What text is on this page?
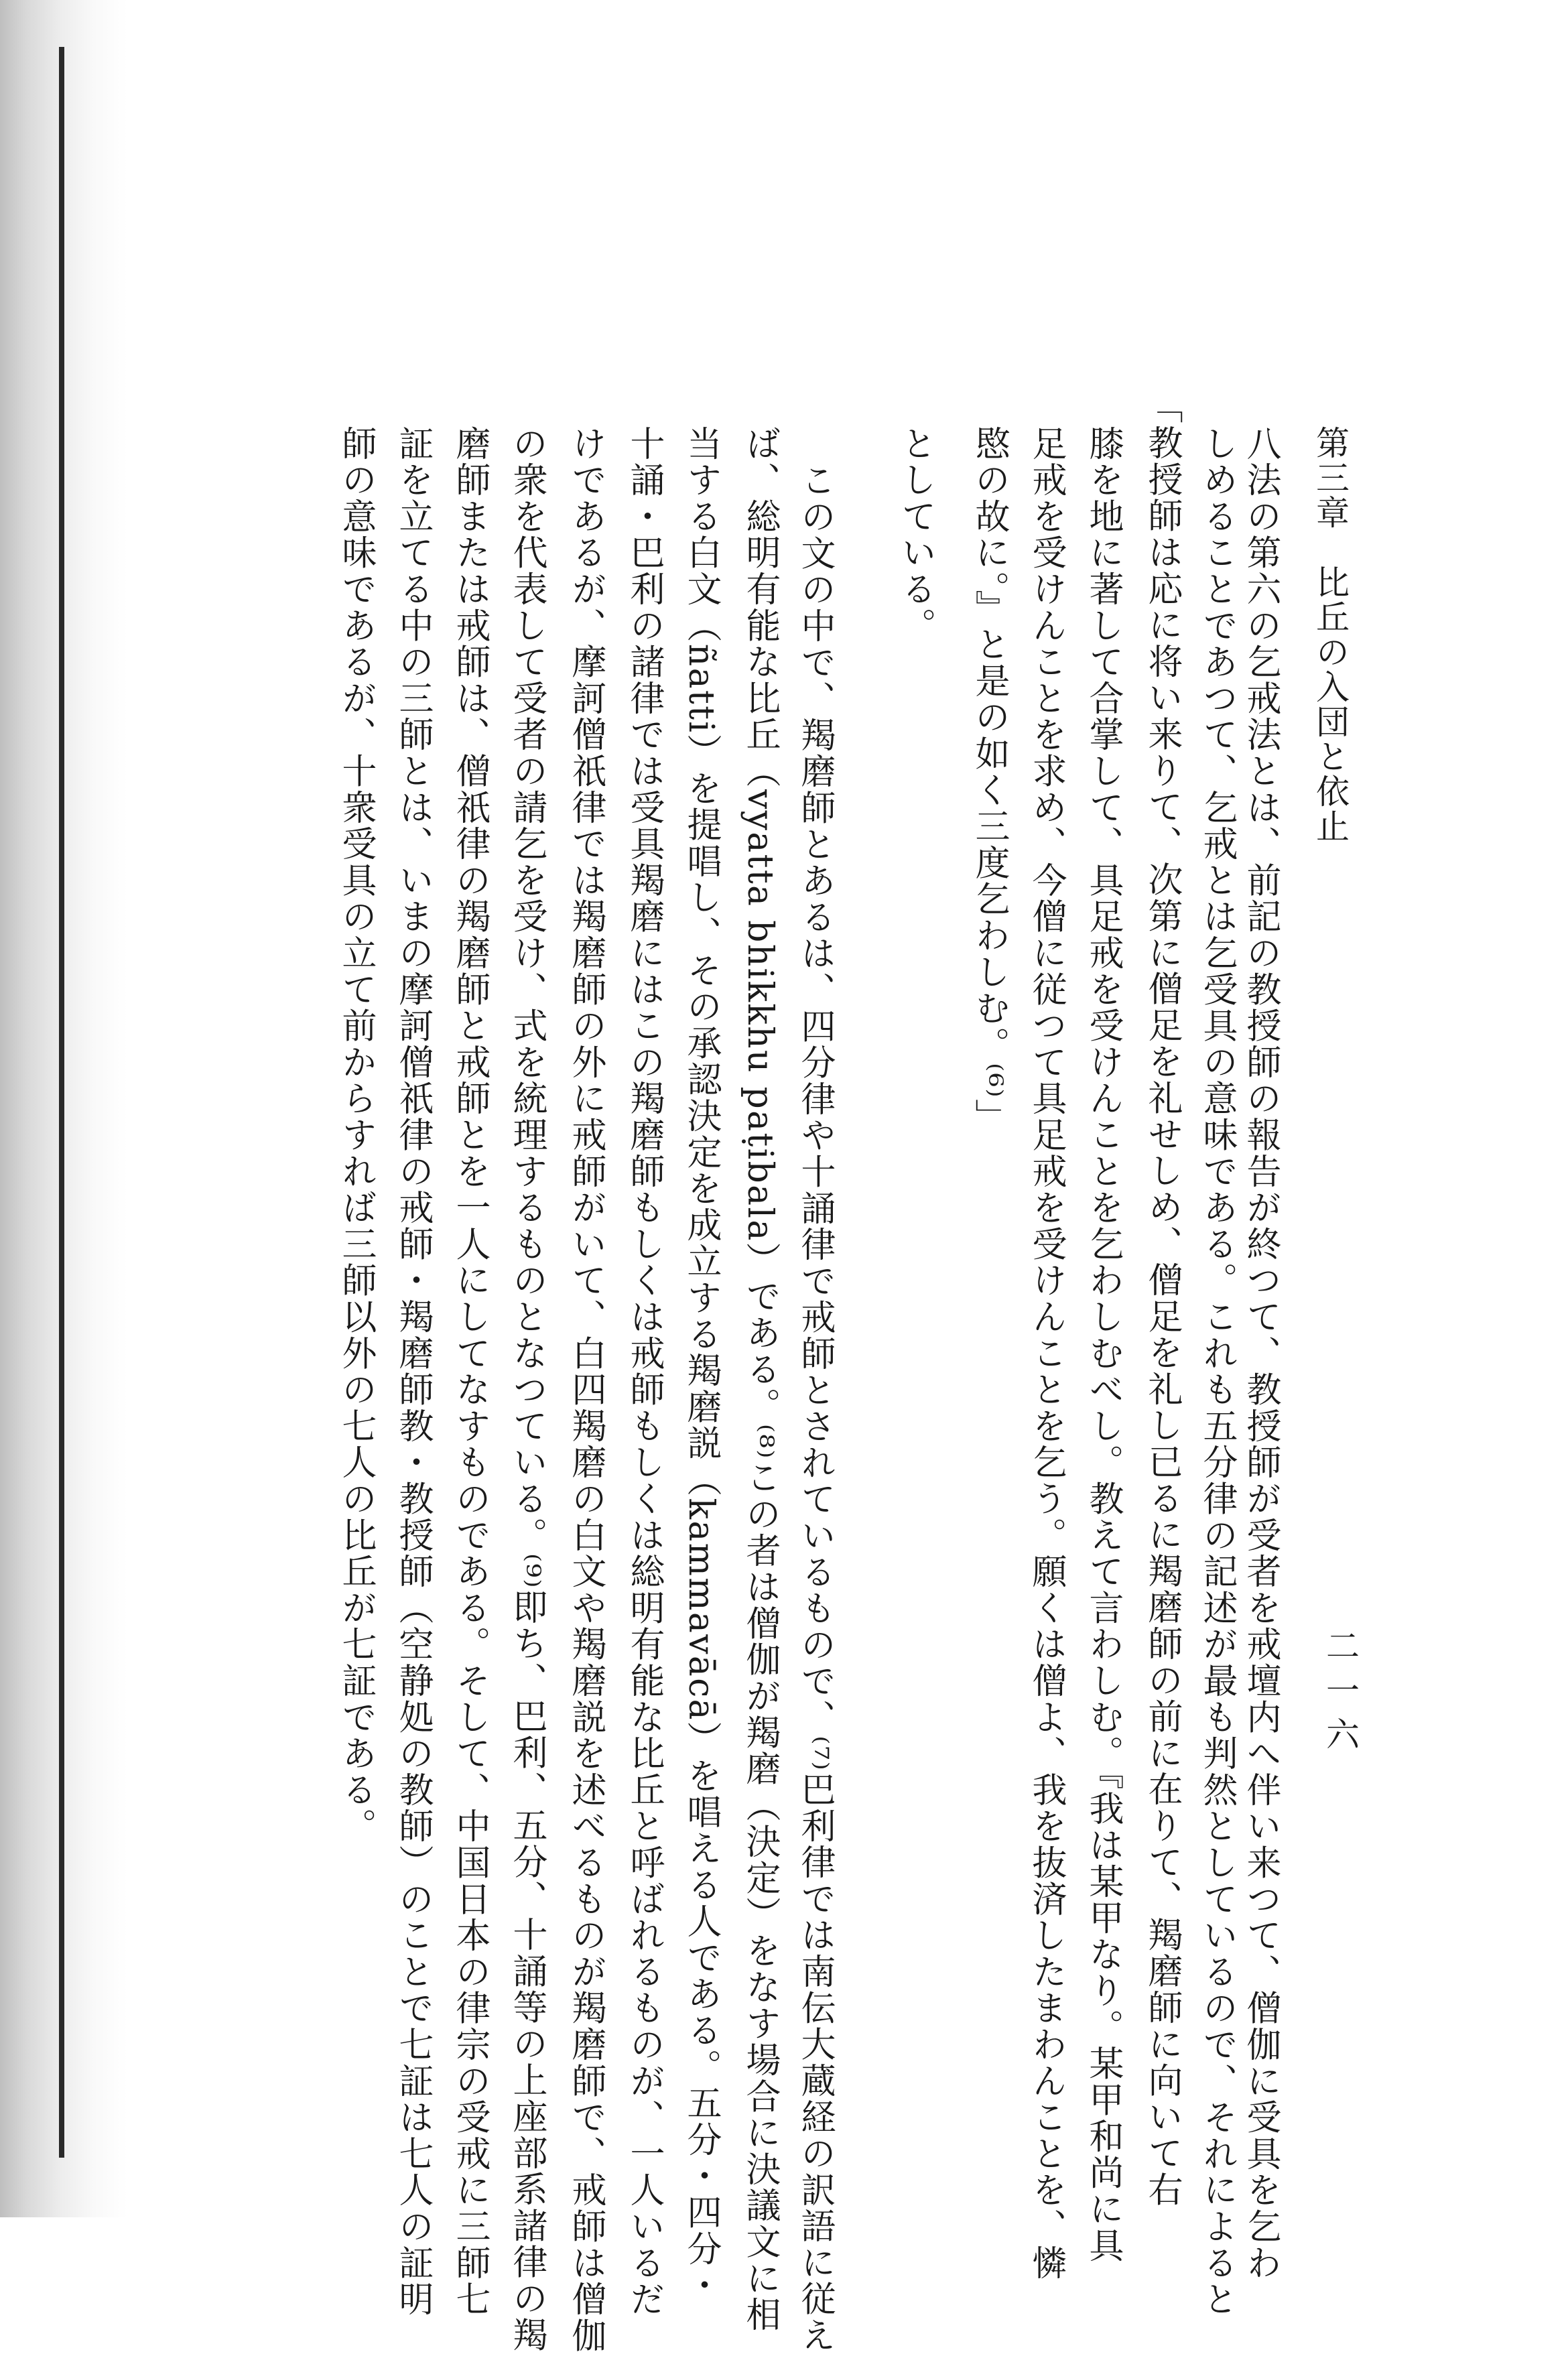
第三章　比丘の入団と依止
二一六
八法の第六の乞戒法とは、前記の教授師の報告が終つて、教授師が受者を戒壇内へ伴い来つて、僧伽に受具を乞わ
しめることであつて、乞戒とは乞受具の意味である。これも五分律の記述が最も判然としているので、それによると
「教授師は応に将い来りて、次第に僧足を礼せしめ、僧足を礼し已るに羯磨師の前に在りて、羯磨師に向いて右
膝を地に著して合掌して、具足戒を受けんことを乞わしむべし。教えて言わしむ。『我は某甲なり。某甲和尚に具
足戒を受けんことを求め、今僧に従つて具足戒を受けんことを乞う。願くは僧よ、我を抜済したまわんことを、憐
愍の故に。』と是の如く三度乞わしむ。⁽⁶⁾」
としている。
この文の中で、羯磨師とあるは、四分律や十誦律で戒師とされているもので、⁽⁷⁾巴利律では南伝大蔵経の訳語に従え
ば、総明有能な比丘（vyatta bhikkhu paṭibala）である。⁽⁸⁾この者は僧伽が羯磨（決定）をなす場合に決議文に相
当する白文（ñatti）を提唱し、その承認決定を成立する羯磨説（kammavācā）を唱える人である。五分・四分・
十誦・巴利の諸律では受具羯磨にはこの羯磨師もしくは戒師もしくは総明有能な比丘と呼ばれるものが、一人いるだ
けであるが、摩訶僧祇律では羯磨師の外に戒師がいて、白四羯磨の白文や羯磨説を述べるものが羯磨師で、戒師は僧伽
の衆を代表して受者の請乞を受け、式を統理するものとなつている。⁽⁹⁾即ち、巴利、五分、十誦等の上座部系諸律の羯
磨師または戒師は、僧祇律の羯磨師と戒師とを一人にしてなすものである。そして、中国日本の律宗の受戒に三師七
証を立てる中の三師とは、いまの摩訶僧祇律の戒師・羯磨師教・教授師（空静処の教師）のことで七証は七人の証明
師の意味であるが、十衆受具の立て前からすれば三師以外の七人の比丘が七証である。
